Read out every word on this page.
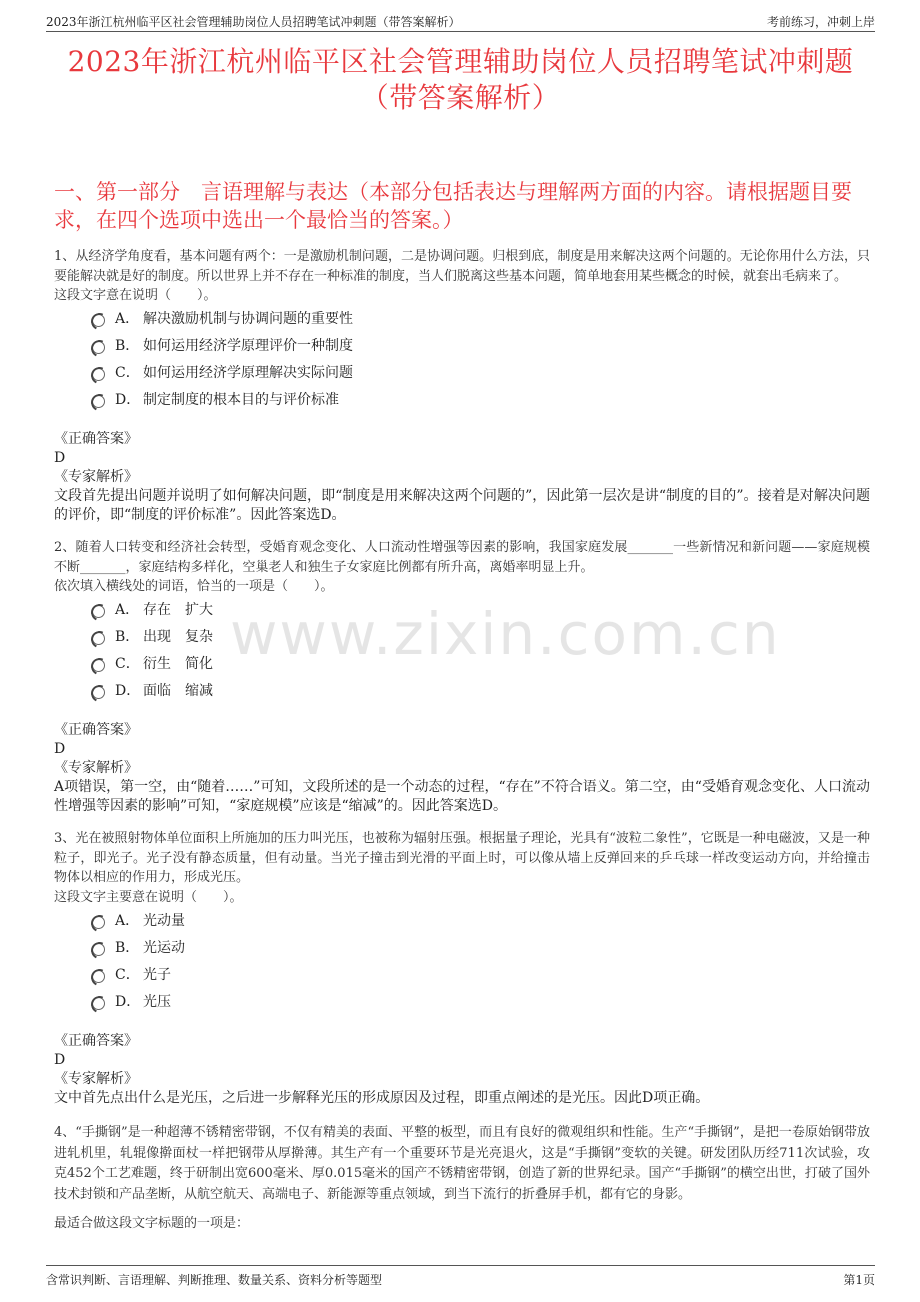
2023年浙江杭州临平区社会管理辅助岗位人员招聘笔试冲刺题（带答案解析）	考前练习，冲刺上岸
2023年浙江杭州临平区社会管理辅助岗位人员招聘笔试冲刺题
（带答案解析）
一、第一部分　言语理解与表达（本部分包括表达与理解两方面的内容。请根据题目要求，在四个选项中选出一个最恰当的答案。）
www.zixin.com.cn

1、从经济学角度看，基本问题有两个：一是激励机制问题，二是协调问题。归根到底，制度是用来解决这两个问题的。无论你用什么方法，只要能解决就是好的制度。所以世界上并不存在一种标准的制度，当人们脱离这些基本问题，简单地套用某些概念的时候，就套出毛病来了。

这段文字意在说明（　　）。

A． 解决激励机制与协调问题的重要性
B． 如何运用经济学原理评价一种制度
C． 如何运用经济学原理解决实际问题
D． 制定制度的根本目的与评价标准
《正确答案》
D
《专家解析》
文段首先提出问题并说明了如何解决问题，即“制度是用来解决这两个问题的”，因此第一层次是讲“制度的目的”。接着是对解决问题的评价，即“制度的评价标准”。因此答案选D。

2、随着人口转变和经济社会转型，受婚育观念变化、人口流动性增强等因素的影响，我国家庭发展_______一些新情况和新问题——家庭规模不断_______，家庭结构多样化，空巢老人和独生子女家庭比例都有所升高，离婚率明显上升。

依次填入横线处的词语，恰当的一项是（　　）。

A． 存在　扩大
B． 出现　复杂
C． 衍生　简化
D． 面临　缩减
《正确答案》
D
《专家解析》
A项错误，第一空，由“随着……”可知，文段所述的是一个动态的过程，“存在”不符合语义。第二空，由“受婚育观念变化、人口流动性增强等因素的影响”可知，“家庭规模”应该是“缩减”的。因此答案选D。

3、光在被照射物体单位面积上所施加的压力叫光压，也被称为辐射压强。根据量子理论，光具有“波粒二象性”，它既是一种电磁波，又是一种粒子，即光子。光子没有静态质量，但有动量。当光子撞击到光滑的平面上时，可以像从墙上反弹回来的乒乓球一样改变运动方向，并给撞击物体以相应的作用力，形成光压。

这段文字主要意在说明（　　）。

A． 光动量
B． 光运动
C． 光子
D． 光压
《正确答案》
D
《专家解析》
文中首先点出什么是光压，之后进一步解释光压的形成原因及过程，即重点阐述的是光压。因此D项正确。

4、“手撕钢”是一种超薄不锈精密带钢，不仅有精美的表面、平整的板型，而且有良好的微观组织和性能。生产“手撕钢”，是把一卷原始钢带放进轧机里，轧辊像擀面杖一样把钢带从厚擀薄。其生产有一个重要环节是光亮退火，这是“手撕钢”变软的关键。研发团队历经711次试验，攻克452个工艺难题，终于研制出宽600毫米、厚0.015毫米的国产不锈精密带钢，创造了新的世界纪录。国产“手撕钢”的横空出世，打破了国外技术封锁和产品垄断，从航空航天、高端电子、新能源等重点领域，到当下流行的折叠屏手机，都有它的身影。

最适合做这段文字标题的一项是：
含常识判断、言语理解、判断推理、数量关系、资料分析等题型	第1页
